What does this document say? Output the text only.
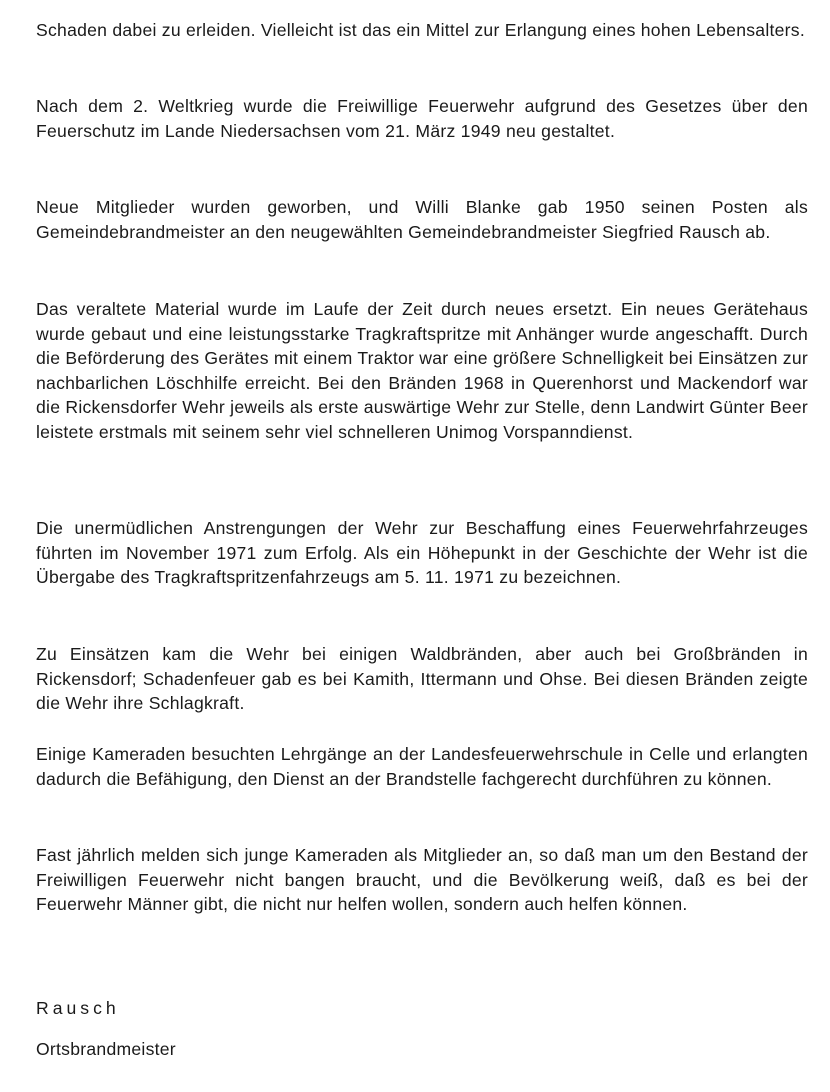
Schaden dabei zu erleiden. Vielleicht ist das ein Mittel zur Erlangung eines hohen Lebensalters.

Nach dem 2. Weltkrieg wurde die Freiwillige Feuerwehr aufgrund des Gesetzes über den Feuerschutz im Lande Niedersachsen vom 21. März 1949 neu gestaltet.

Neue Mitglieder wurden geworben, und Willi Blanke gab 1950 seinen Posten als Gemeindebrandmeister an den neugewählten Gemeindebrandmeister Siegfried Rausch ab.

Das veraltete Material wurde im Laufe der Zeit durch neues ersetzt. Ein neues Gerätehaus wurde gebaut und eine leistungsstarke Tragkraftspritze mit Anhänger wurde angeschafft. Durch die Beförderung des Gerätes mit einem Traktor war eine größere Schnelligkeit bei Einsätzen zur nachbarlichen Löschhilfe erreicht. Bei den Bränden 1968 in Querenhorst und Mackendorf war die Rickensdorfer Wehr jeweils als erste auswärtige Wehr zur Stelle, denn Landwirt Günter Beer leistete erstmals mit seinem sehr viel schnelleren Unimog Vorspanndienst.

Die unermüdlichen Anstrengungen der Wehr zur Beschaffung eines Feuerwehrfahrzeuges führten im November 1971 zum Erfolg. Als ein Höhepunkt in der Geschichte der Wehr ist die Übergabe des Tragkraftspritzenfahrzeugs am 5. 11. 1971 zu bezeichnen.

Zu Einsätzen kam die Wehr bei einigen Waldbränden, aber auch bei Großbränden in Rickensdorf; Schadenfeuer gab es bei Kamith, Ittermann und Ohse. Bei diesen Bränden zeigte die Wehr ihre Schlagkraft.

Einige Kameraden besuchten Lehrgänge an der Landesfeuerwehrschule in Celle und erlangten dadurch die Befähigung, den Dienst an der Brandstelle fachgerecht durchführen zu können.

Fast jährlich melden sich junge Kameraden als Mitglieder an, so daß man um den Bestand der Freiwilligen Feuerwehr nicht bangen braucht, und die Bevölkerung weiß, daß es bei der Feuerwehr Männer gibt, die nicht nur helfen wollen, sondern auch helfen können.

Rausch

Ortsbrandmeister
